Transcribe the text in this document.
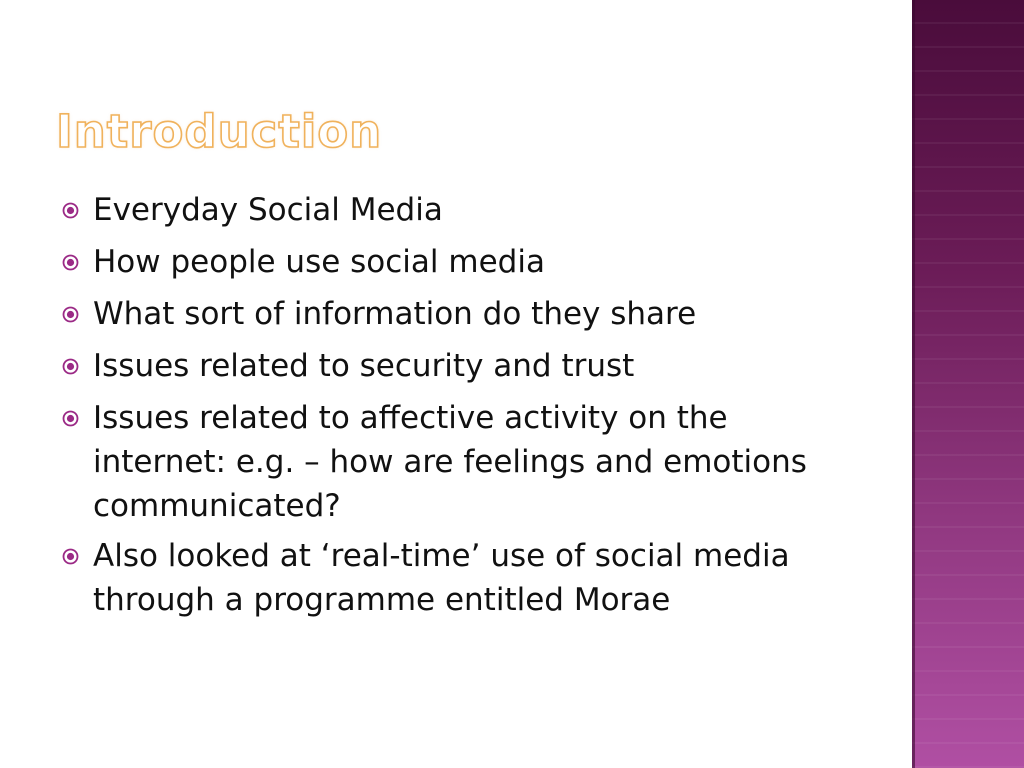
Introduction
Everyday Social Media
How people use social media
What sort of information do they share
Issues related to security and trust
Issues related to affective activity on the internet: e.g. – how are feelings and emotions communicated?
Also looked at ‘real-time’ use of social media through a programme entitled Morae
